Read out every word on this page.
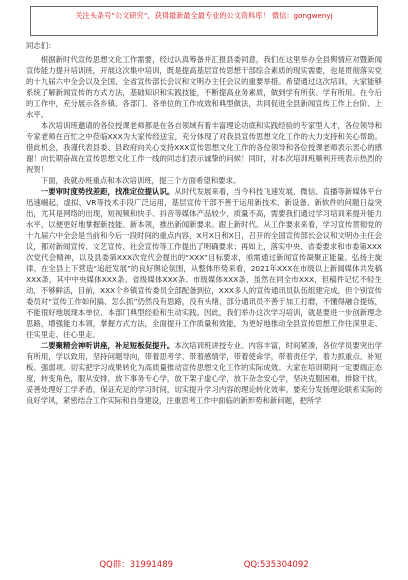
关注头条号“公文研究”，获得最新最全最专业的公文资料库！ 微信：gongwenyj

同志们：

根据新时代宣传思想文化工作需要，经过认真筹备并汇报县委同意，我们在这里举办全县舆情应对暨新闻宣传能力提升培训班，开展这次集中培训，既是提高基层宣传思想干部综合素质的现实需要，也是贯彻落实党的十九届六中全会以及全国、全省宣传部长会议和文明办主任会议的重要举措。希望通过这次培训，大家能够系统了解新闻宣传的方式方法，基础知识和实践技能，不断提高业务素质，做到学有所获、学有所用。在今后的工作中，充分展示各乡镇、各部门、各单位的工作成效和典型做法，共同促进全县新闻宣传工作上台阶、上水平。

本次培训班邀请的各位授课老师都是在各自领域有着丰富理论功底和实践经验的专家型人才，各位领导和专家老师在百忙之中莅临XXX为大家传经送宝，充分体现了对我县宣传思想文化工作的大力支持和关心帮助。借此机会，我谨代表县委、县政府向关心支持XXX宣传思想文化工作的各位领导和各位授课老师表示衷心的感谢！向长期奋战在宣传思想文化工作一线的同志们表示诚挚的问候！同时，对本次培训班顺利开班表示热烈的祝贺！

下面，我就办班重点和本次培训班，提三个方面希望和要求。

一要审时度势找差距，找准定位提认识。从时代发展来看，当今科技飞速发展，微信、直播等新媒体平台迅速崛起，虚拟、VR等技术手段广泛运用，基层宣传干部不善于运用新技术、新设备、新软件的问题日益突出，尤其是网络的出现，短视频和快手、抖音等媒体产品较少，质量不高，需要我们通过学习培训来提升能力水平，以便更好地掌握新技能、新本领，推出新闻新要求。跟上新时代。从工作要求来看，学习宣传贯彻党的十九届六中全会是当前和今后一段时间的重点内容，X月X日和X日，召开的全国宣传部长会议和文明办主任会议，都对新闻宣传、文艺宣传、社会宣传等工作提出了明确要求；再如上，落实中央、省委要求和市委第XXX次党代会精神，以及县委第XXX次党代会提出的“XXX”目标要求，亟需通过新闻宣传凝聚正能量、弘扬主旋律。在全县上下营造“追赶发展”的良好舆论氛围，从整体形势来看，2021年XXX在市级以上新闻媒体共发稿XXX条，其中中央媒体XXX条、省级媒体XXX条、市级媒体XXX条，虽然在同全市XXX，但稿件记忆不轻生动，不够鲜活，目前，XXX个乡镇宣传委员全部配备到位，XXX多人的宣传通讯员队伍组建完成，但个别宣传委员对“宣传工作如何搞、怎么抓”仍然没有思路，没有头绪，部分通讯员不善于加工打磨，不懂得融合提炼，不能很好地展现本单位、本部门典型经验和生动实践。因此，我们举办这次学习培训，就是要进一步创新理念思路，增强能力本领，掌握方式方法，全面提升工作质量和效能，为更好地推动全县宣传思想工作往深里走、往实里走、往心里走。

二要聚精会神听讲座，补足短板促提升。本次培训班讲授专业、内容丰富，时间紧凑，各位学员要突出学有所用，学以致用，坚持问题导向，带着思考学、带着感情学，带着使命学，带着责任学，着力抓重点、补短板、强弱项。切实把学习成果转化为高质量推动宣传思想文化工作的实际成效。大家在培训期间一定要端正态度，转变角色，服从安排，放下事务专心学，放下架子虚心学，放下杂念安心学，坚决克服困难，排除干扰，妥善处理好工学矛盾，保证充足的学习时间，切实提升学习内容的理论转化效率。要充分发扬理论联系实际的良好学风，紧密结合工作实际和自身建设，注重思考工作中面临的新形势和新问题，把所学

QQ群：31991489	QQ:535304092
